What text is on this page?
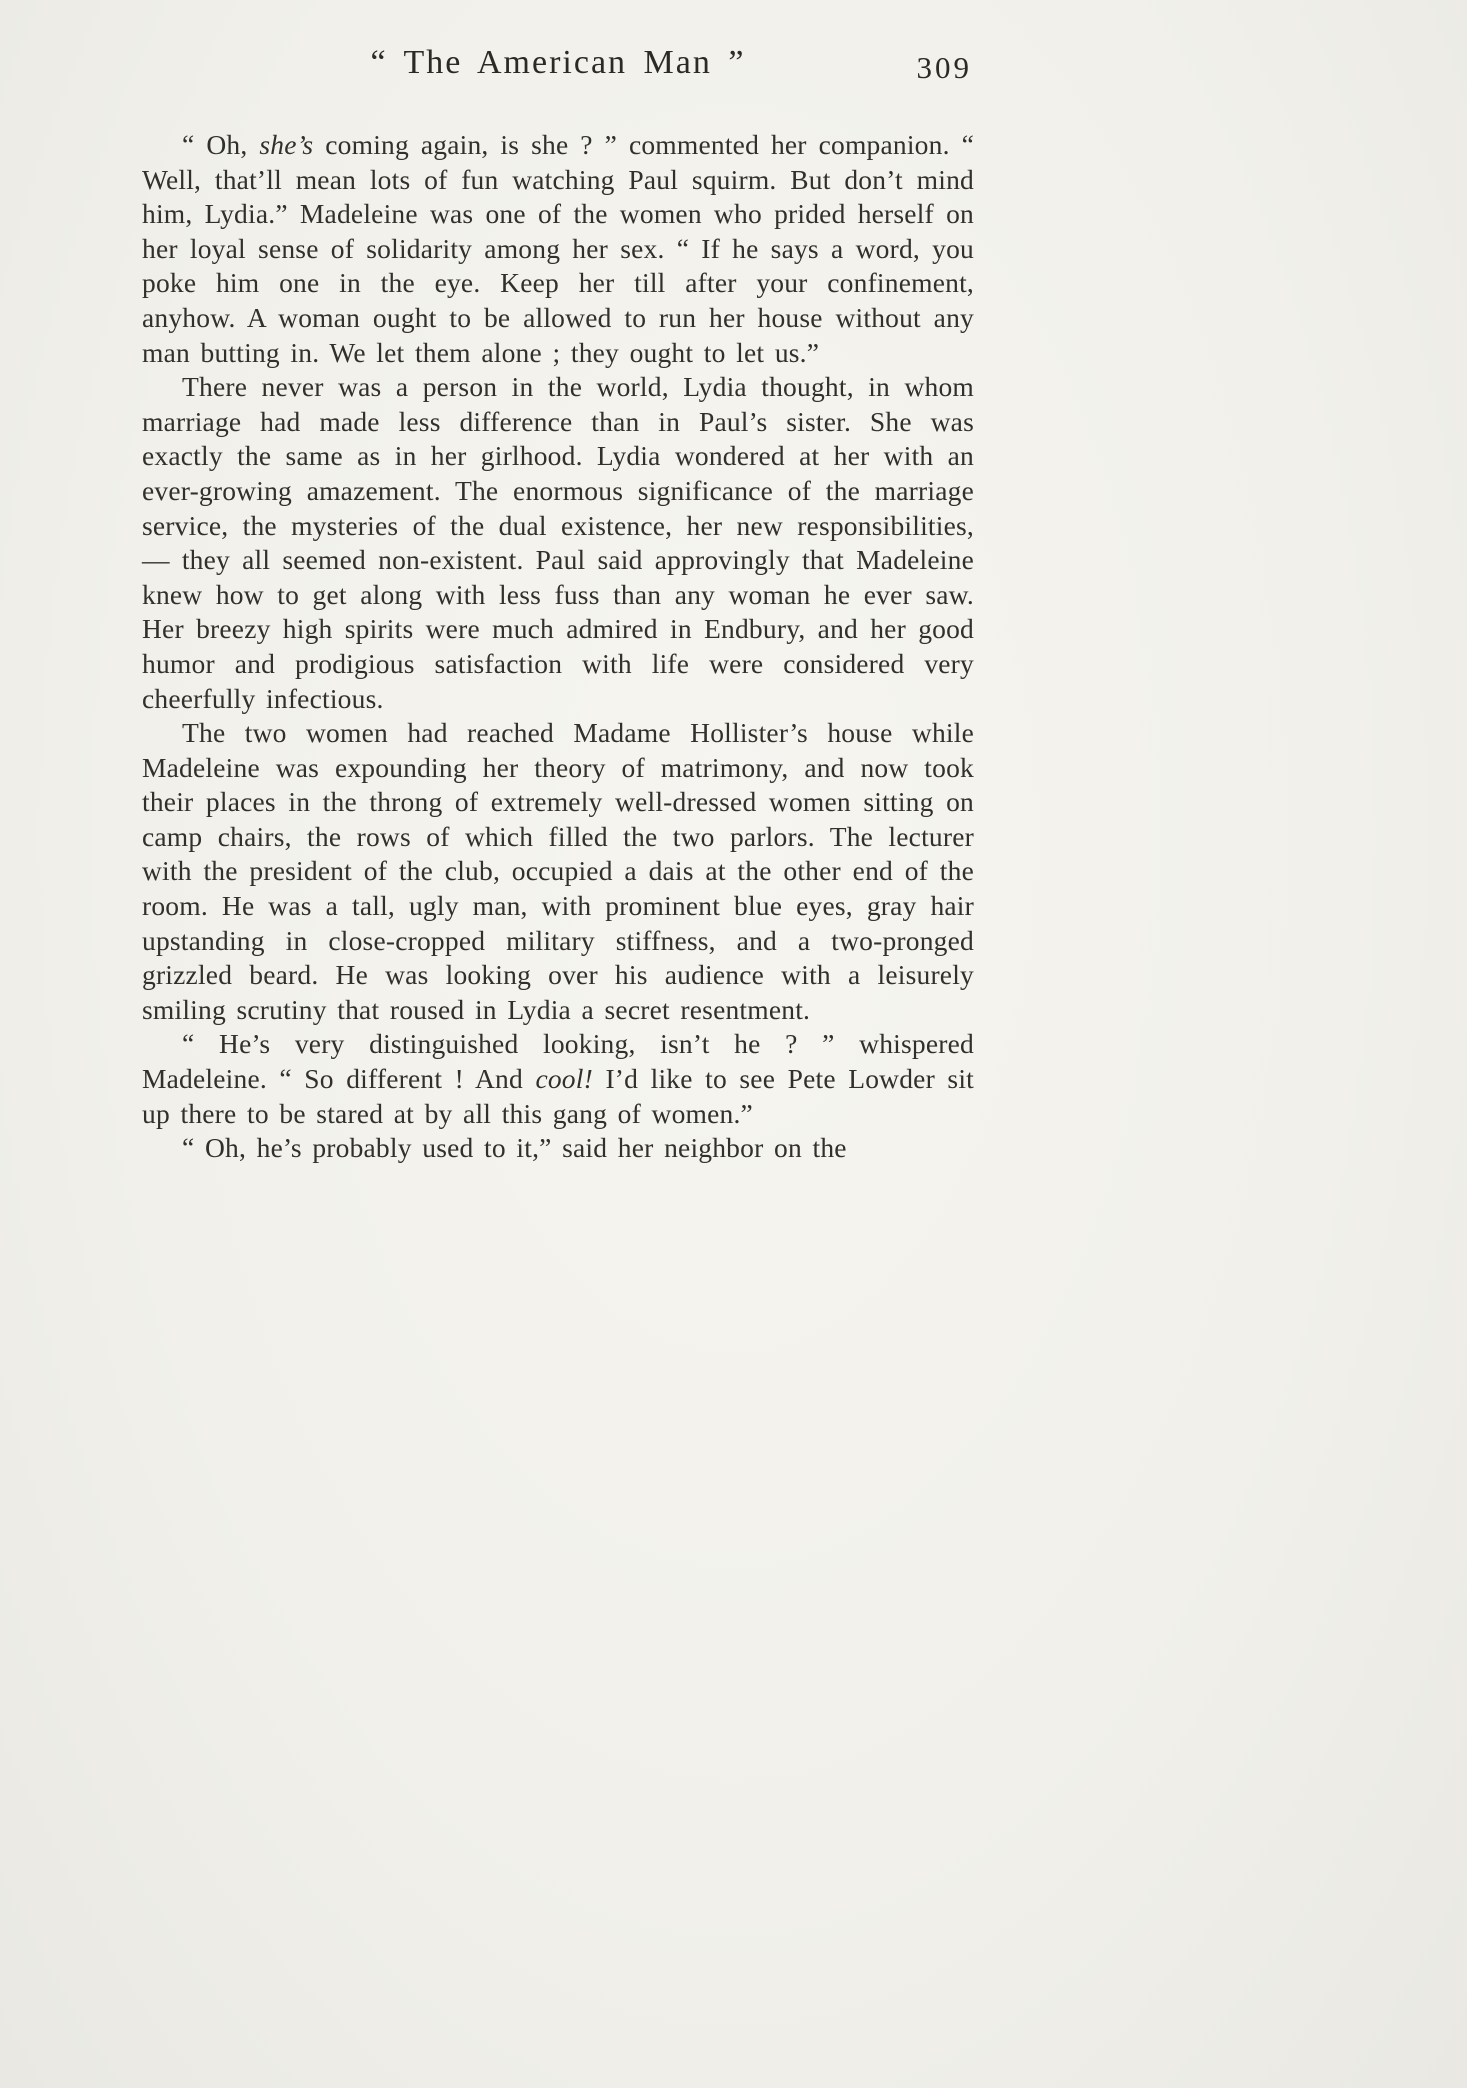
“ The American Man ”	309

“ Oh, she’s coming again, is she ? ” commented her companion. “ Well, that’ll mean lots of fun watching Paul squirm. But don’t mind him, Lydia.” Madeleine was one of the women who prided herself on her loyal sense of solidarity among her sex. “ If he says a word, you poke him one in the eye. Keep her till after your confinement, anyhow. A woman ought to be allowed to run her house without any man butting in. We let them alone ; they ought to let us.”

There never was a person in the world, Lydia thought, in whom marriage had made less difference than in Paul’s sister. She was exactly the same as in her girlhood. Lydia wondered at her with an ever-growing amazement. The enormous significance of the marriage service, the mysteries of the dual existence, her new responsibilities, — they all seemed non-existent. Paul said approvingly that Madeleine knew how to get along with less fuss than any woman he ever saw. Her breezy high spirits were much admired in Endbury, and her good humor and prodigious satisfaction with life were considered very cheerfully infectious.

The two women had reached Madame Hollister’s house while Madeleine was expounding her theory of matrimony, and now took their places in the throng of extremely well-dressed women sitting on camp chairs, the rows of which filled the two parlors. The lecturer with the president of the club, occupied a dais at the other end of the room. He was a tall, ugly man, with prominent blue eyes, gray hair upstanding in close-cropped military stiffness, and a two-pronged grizzled beard. He was looking over his audience with a leisurely smiling scrutiny that roused in Lydia a secret resentment.

“ He’s very distinguished looking, isn’t he ? ” whispered Madeleine. “ So different ! And cool! I’d like to see Pete Lowder sit up there to be stared at by all this gang of women.”

“ Oh, he’s probably used to it,” said her neighbor on the
